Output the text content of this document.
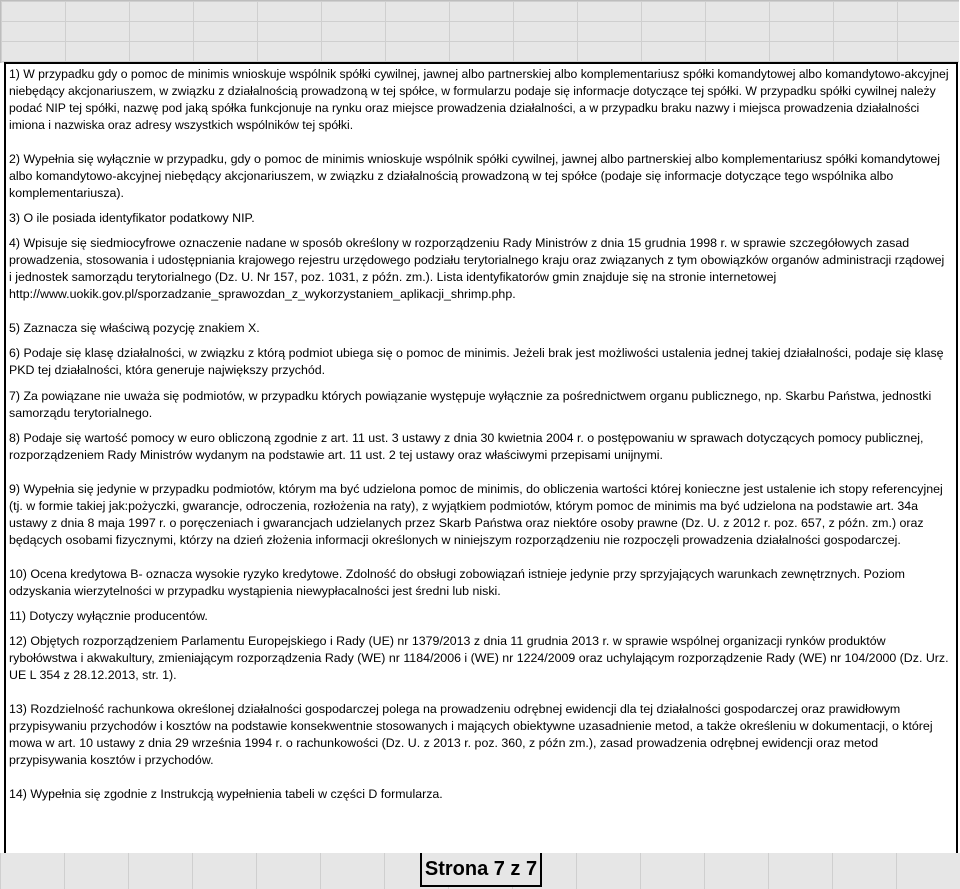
1) W przypadku gdy o pomoc de minimis wnioskuje wspólnik spółki cywilnej, jawnej albo partnerskiej albo komplementariusz spółki komandytowej albo komandytowo-akcyjnej niebędący akcjonariuszem, w związku z działalnością prowadzoną w tej spółce, w formularzu podaje się informacje dotyczące tej spółki. W przypadku spółki cywilnej należy podać NIP tej spółki, nazwę pod jaką spółka funkcjonuje na rynku oraz miejsce prowadzenia działalności, a w przypadku braku nazwy i miejsca prowadzenia działalności imiona i nazwiska oraz adresy wszystkich wspólników tej spółki.

2) Wypełnia się wyłącznie w przypadku, gdy o pomoc de minimis wnioskuje wspólnik spółki cywilnej, jawnej albo partnerskiej albo komplementariusz spółki komandytowej albo komandytowo-akcyjnej niebędący akcjonariuszem, w związku z działalnością prowadzoną w tej spółce (podaje się informacje dotyczące tego wspólnika albo komplementariusza).

3) O ile posiada identyfikator podatkowy NIP.

4) Wpisuje się siedmiocyfrowe oznaczenie nadane w sposób określony w rozporządzeniu Rady Ministrów z dnia 15 grudnia 1998 r. w sprawie szczegółowych zasad prowadzenia, stosowania i udostępniania krajowego rejestru urzędowego podziału terytorialnego kraju oraz związanych z tym obowiązków organów administracji rządowej i jednostek samorządu terytorialnego (Dz. U. Nr 157, poz. 1031, z późn. zm.). Lista identyfikatorów gmin znajduje się na stronie internetowej http://www.uokik.gov.pl/sporzadzanie_sprawozdan_z_wykorzystaniem_aplikacji_shrimp.php.

5) Zaznacza się właściwą pozycję znakiem X.

6) Podaje się klasę działalności, w związku z którą podmiot ubiega się o pomoc de minimis. Jeżeli brak jest możliwości ustalenia jednej takiej działalności, podaje się klasę PKD tej działalności, która generuje największy przychód.

7) Za powiązane nie uważa się podmiotów, w przypadku których powiązanie występuje wyłącznie za pośrednictwem organu publicznego, np. Skarbu Państwa, jednostki samorządu terytorialnego.

8) Podaje się wartość pomocy w euro obliczoną zgodnie z art. 11 ust. 3 ustawy z dnia 30 kwietnia 2004 r. o postępowaniu w sprawach dotyczących pomocy publicznej, rozporządzeniem Rady Ministrów wydanym na podstawie art. 11 ust. 2 tej ustawy oraz właściwymi przepisami unijnymi.

9) Wypełnia się jedynie w przypadku podmiotów, którym ma być udzielona pomoc de minimis, do obliczenia wartości której konieczne jest ustalenie ich stopy referencyjnej (tj. w formie takiej jak:pożyczki, gwarancje, odroczenia, rozłożenia na raty), z wyjątkiem podmiotów, którym pomoc de minimis ma być udzielona na podstawie art. 34a ustawy z dnia 8 maja 1997 r. o poręczeniach i gwarancjach udzielanych przez Skarb Państwa oraz niektóre osoby prawne (Dz. U. z 2012 r. poz. 657, z późn. zm.) oraz będących osobami fizycznymi, którzy na dzień złożenia informacji określonych w niniejszym rozporządzeniu nie rozpoczęli prowadzenia działalności gospodarczej.

10) Ocena kredytowa B- oznacza wysokie ryzyko kredytowe. Zdolność do obsługi zobowiązań istnieje jedynie przy sprzyjających warunkach zewnętrznych. Poziom odzyskania wierzytelności w przypadku wystąpienia niewypłacalności jest średni lub niski.

11) Dotyczy wyłącznie producentów.

12) Objętych rozporządzeniem Parlamentu Europejskiego i Rady (UE) nr 1379/2013 z dnia 11 grudnia 2013 r. w sprawie wspólnej organizacji rynków produktów rybołówstwa i akwakultury, zmieniającym rozporządzenia Rady (WE) nr 1184/2006 i (WE) nr 1224/2009 oraz uchylającym rozporządzenie Rady (WE) nr 104/2000 (Dz. Urz. UE L 354 z 28.12.2013, str. 1).

13) Rozdzielność rachunkowa określonej działalności gospodarczej polega na prowadzeniu odrębnej ewidencji dla tej działalności gospodarczej oraz prawidłowym przypisywaniu przychodów i kosztów na podstawie konsekwentnie stosowanych i mających obiektywne uzasadnienie metod, a także określeniu w dokumentacji, o której mowa w art. 10 ustawy z dnia 29 września 1994 r. o rachunkowości (Dz. U. z 2013 r. poz. 360, z późn zm.), zasad prowadzenia odrębnej ewidencji oraz metod przypisywania kosztów i przychodów.

14) Wypełnia się zgodnie z Instrukcją wypełnienia tabeli w części D formularza.

Strona 7 z 7
